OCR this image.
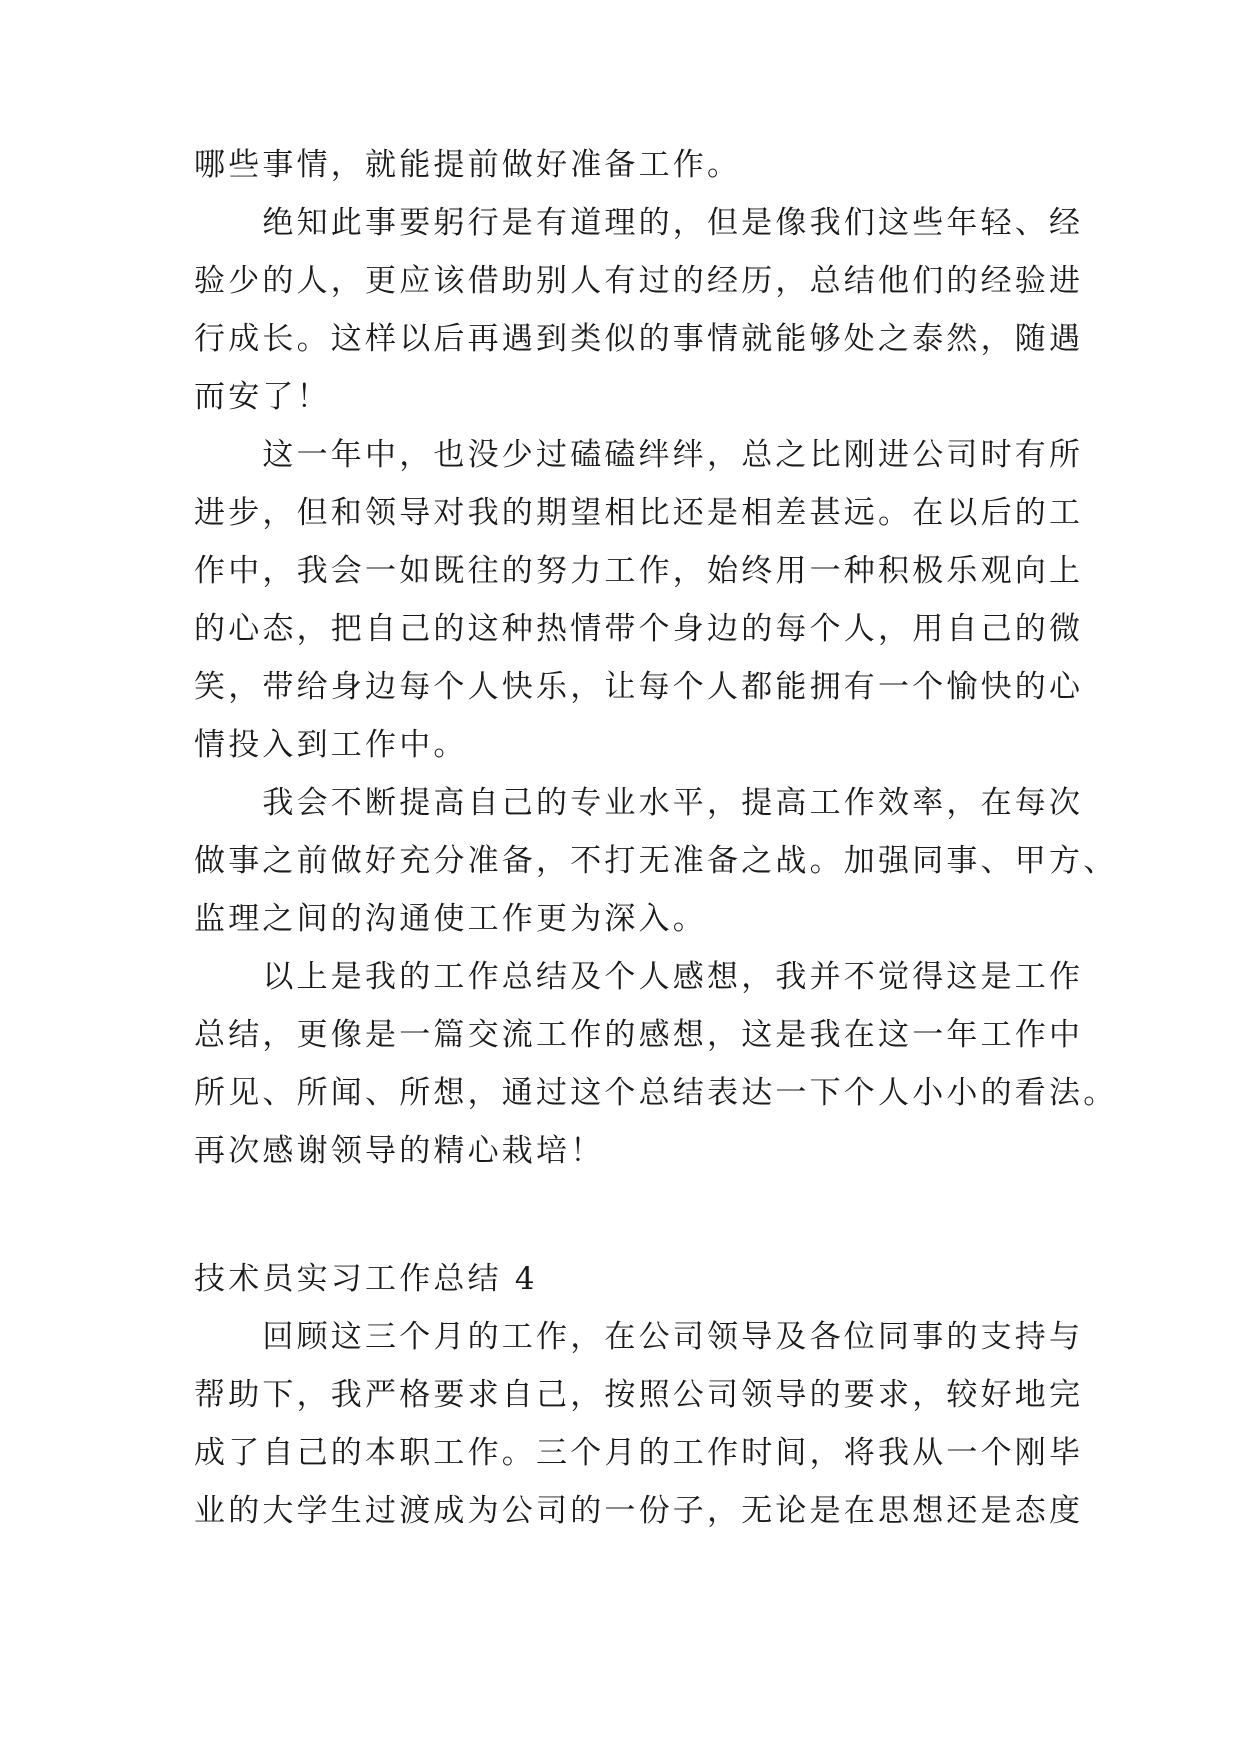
哪些事情，就能提前做好准备工作。
　　绝知此事要躬行是有道理的，但是像我们这些年轻、经
验少的人，更应该借助别人有过的经历，总结他们的经验进
行成长。这样以后再遇到类似的事情就能够处之泰然，随遇
而安了！
　　这一年中，也没少过磕磕绊绊，总之比刚进公司时有所
进步，但和领导对我的期望相比还是相差甚远。在以后的工
作中，我会一如既往的努力工作，始终用一种积极乐观向上
的心态，把自己的这种热情带个身边的每个人，用自己的微
笑，带给身边每个人快乐，让每个人都能拥有一个愉快的心
情投入到工作中。
　　我会不断提高自己的专业水平，提高工作效率，在每次
做事之前做好充分准备，不打无准备之战。加强同事、甲方、
监理之间的沟通使工作更为深入。
　　以上是我的工作总结及个人感想，我并不觉得这是工作
总结，更像是一篇交流工作的感想，这是我在这一年工作中
所见、所闻、所想，通过这个总结表达一下个人小小的看法。
再次感谢领导的精心栽培！
技术员实习工作总结 4
　　回顾这三个月的工作，在公司领导及各位同事的支持与
帮助下，我严格要求自己，按照公司领导的要求，较好地完
成了自己的本职工作。三个月的工作时间，将我从一个刚毕
业的大学生过渡成为公司的一份子，无论是在思想还是态度
